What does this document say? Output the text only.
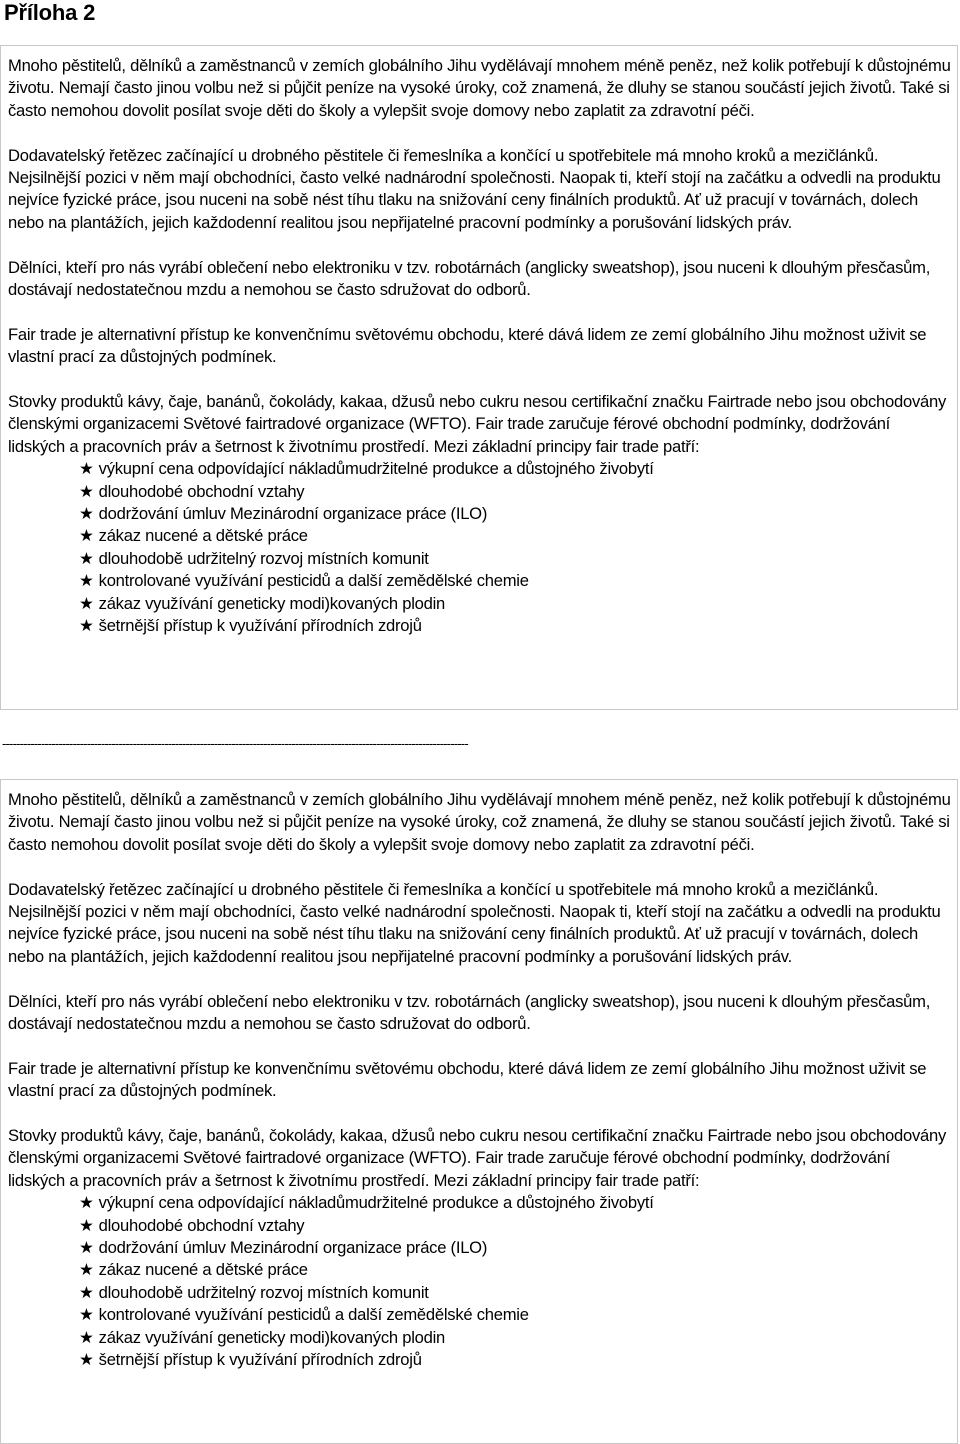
Příloha 2

Mnoho pěstitelů, dělníků a zaměstnanců v zemích globálního Jihu vydělávají mnohem méně peněz, než kolik potřebují k důstojnému životu. Nemají často jinou volbu než si půjčit peníze na vysoké úroky, což znamená, že dluhy se stanou součástí jejich životů. Také si často nemohou dovolit posílat svoje děti do školy a vylepšit svoje domovy nebo zaplatit za zdravotní péči.

Dodavatelský řetězec začínající u drobného pěstitele či řemeslníka a končící u spotřebitele má mnoho kroků a mezičlánků. Nejsilnější pozici v něm mají obchodníci, často velké nadnárodní společnosti. Naopak ti, kteří stojí na začátku a odvedli na produktu nejvíce fyzické práce, jsou nuceni na sobě nést tíhu tlaku na snižování ceny finálních produktů. Ať už pracují v továrnách, dolech nebo na plantážích, jejich každodenní realitou jsou nepřijatelné pracovní podmínky a porušování lidských práv.

Dělníci, kteří pro nás vyrábí oblečení nebo elektroniku v tzv. robotárnách (anglicky sweatshop), jsou nuceni k dlouhým přesčasům, dostávají nedostatečnou mzdu a nemohou se často sdružovat do odborů.

Fair trade je alternativní přístup ke konvenčnímu světovému obchodu, které dává lidem ze zemí globálního Jihu možnost uživit se vlastní prací za důstojných podmínek.

Stovky produktů kávy, čaje, banánů, čokolády, kakaa, džusů nebo cukru nesou certifikační značku Fairtrade nebo jsou obchodovány členskými organizacemi Světové fairtradové organizace (WFTO). Fair trade zaručuje férové obchodní podmínky, dodržování lidských a pracovních práv a šetrnost k životnímu prostředí. Mezi základní principy fair trade patří:

★ výkupní cena odpovídající nákladůmudržitelné produkce a důstojného živobytí
★ dlouhodobé obchodní vztahy
★ dodržování úmluv Mezinárodní organizace práce (ILO)
★ zákaz nucené a dětské práce
★ dlouhodobě udržitelný rozvoj místních komunit
★ kontrolované využívání pesticidů a další zemědělské chemie
★ zákaz využívání geneticky modi)kovaných plodin
★ šetrnější přístup k využívání přírodních zdrojů
------------------------------------------------------------------------------------------------------------------------------------

Mnoho pěstitelů, dělníků a zaměstnanců v zemích globálního Jihu vydělávají mnohem méně peněz, než kolik potřebují k důstojnému životu. Nemají často jinou volbu než si půjčit peníze na vysoké úroky, což znamená, že dluhy se stanou součástí jejich životů. Také si často nemohou dovolit posílat svoje děti do školy a vylepšit svoje domovy nebo zaplatit za zdravotní péči.

Dodavatelský řetězec začínající u drobného pěstitele či řemeslníka a končící u spotřebitele má mnoho kroků a mezičlánků. Nejsilnější pozici v něm mají obchodníci, často velké nadnárodní společnosti. Naopak ti, kteří stojí na začátku a odvedli na produktu nejvíce fyzické práce, jsou nuceni na sobě nést tíhu tlaku na snižování ceny finálních produktů. Ať už pracují v továrnách, dolech nebo na plantážích, jejich každodenní realitou jsou nepřijatelné pracovní podmínky a porušování lidských práv.

Dělníci, kteří pro nás vyrábí oblečení nebo elektroniku v tzv. robotárnách (anglicky sweatshop), jsou nuceni k dlouhým přesčasům, dostávají nedostatečnou mzdu a nemohou se často sdružovat do odborů.

Fair trade je alternativní přístup ke konvenčnímu světovému obchodu, které dává lidem ze zemí globálního Jihu možnost uživit se vlastní prací za důstojných podmínek.

Stovky produktů kávy, čaje, banánů, čokolády, kakaa, džusů nebo cukru nesou certifikační značku Fairtrade nebo jsou obchodovány členskými organizacemi Světové fairtradové organizace (WFTO). Fair trade zaručuje férové obchodní podmínky, dodržování lidských a pracovních práv a šetrnost k životnímu prostředí. Mezi základní principy fair trade patří:

★ výkupní cena odpovídající nákladůmudržitelné produkce a důstojného živobytí
★ dlouhodobé obchodní vztahy
★ dodržování úmluv Mezinárodní organizace práce (ILO)
★ zákaz nucené a dětské práce
★ dlouhodobě udržitelný rozvoj místních komunit
★ kontrolované využívání pesticidů a další zemědělské chemie
★ zákaz využívání geneticky modi)kovaných plodin
★ šetrnější přístup k využívání přírodních zdrojů
